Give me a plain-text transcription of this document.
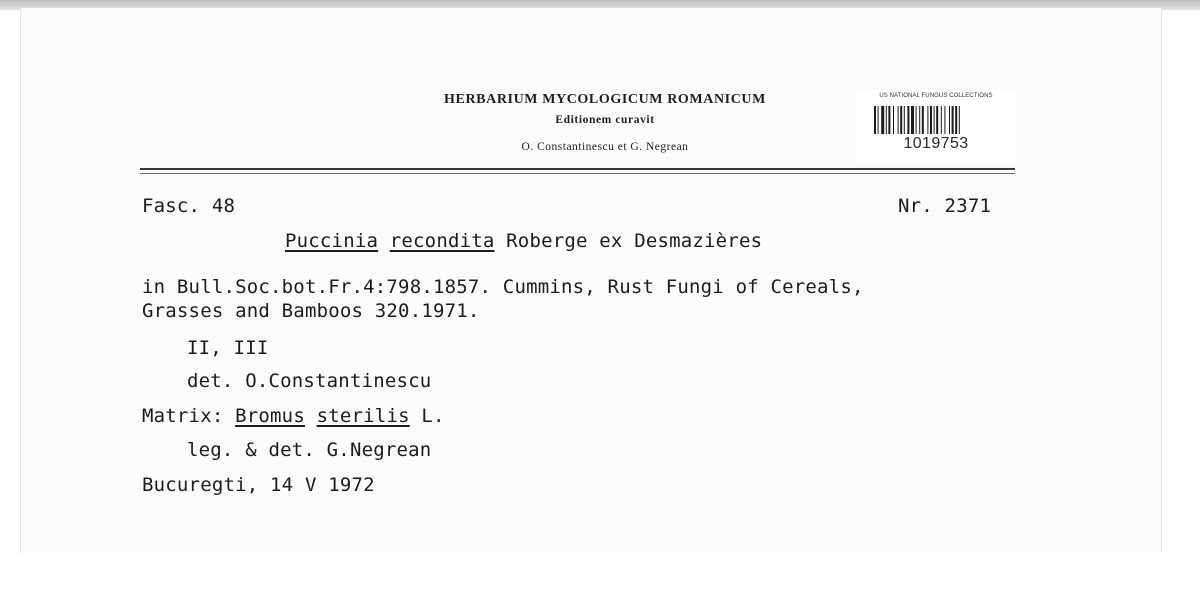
HERBARIUM MYCOLOGICUM ROMANICUM
Editionem curavit
O. Constantinescu et G. Negrean
US NATIONAL FUNGUS COLLECTIONS
1019753
Fasc. 48	Nr. 2371
Puccinia recondita Roberge ex Desmazières
in Bull.Soc.bot.Fr.4:798.1857. Cummins, Rust Fungi of Cereals,
Grasses and Bamboos 320.1971.
II, III
det. O.Constantinescu
Matrix: Bromus sterilis L.
leg. & det. G.Negrean
Bucuregti, 14 V 1972
